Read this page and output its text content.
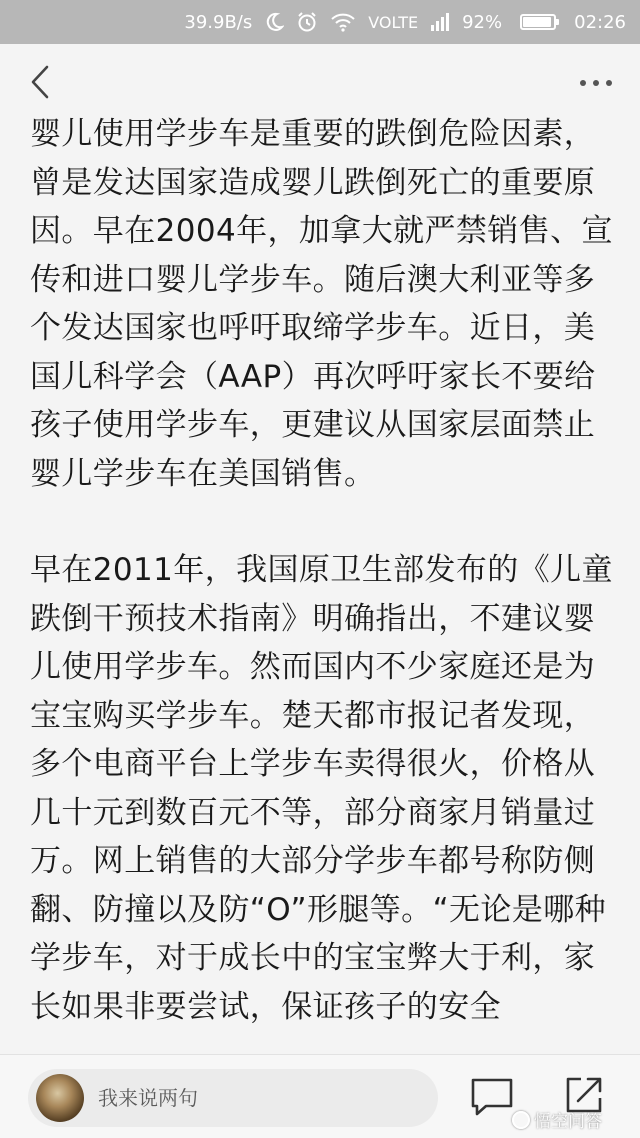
39.9B/s	VOLTE 92%	02:26

婴儿使用学步车是重要的跌倒危险因素，曾是发达国家造成婴儿跌倒死亡的重要原因。早在2004年，加拿大就严禁销售、宣传和进口婴儿学步车。随后澳大利亚等多个发达国家也呼吁取缔学步车。近日，美国儿科学会（AAP）再次呼吁家长不要给孩子使用学步车，更建议从国家层面禁止婴儿学步车在美国销售。

早在2011年，我国原卫生部发布的《儿童跌倒干预技术指南》明确指出，不建议婴儿使用学步车。然而国内不少家庭还是为宝宝购买学步车。楚天都市报记者发现，多个电商平台上学步车卖得很火，价格从几十元到数百元不等，部分商家月销量过万。网上销售的大部分学步车都号称防侧翻、防撞以及防“O”形腿等。“无论是哪种学步车，对于成长中的宝宝弊大于利，家长如果非要尝试，保证孩子的安全

我来说两句
悟空问答
